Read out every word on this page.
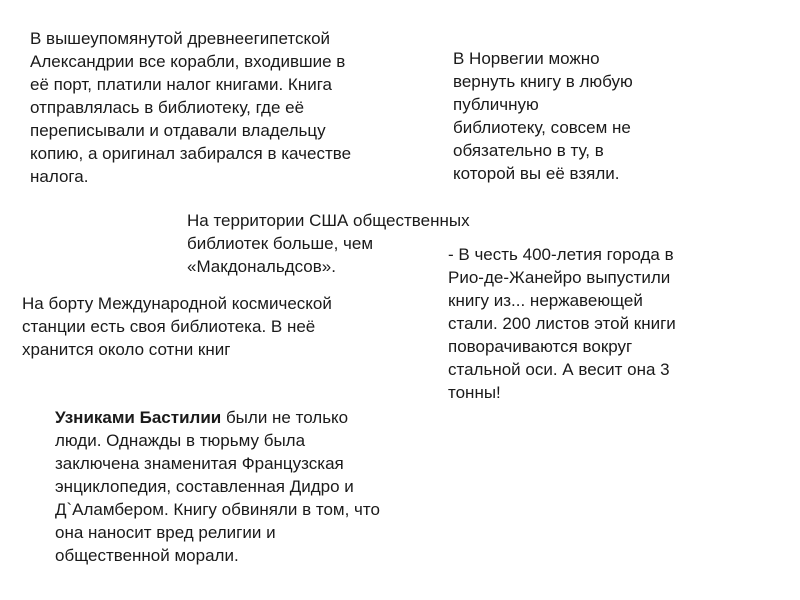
В вышеупомянутой древнеегипетской
Александрии все корабли, входившие в
её порт, платили налог книгами. Книга
отправлялась в библиотеку, где её
переписывали и отдавали владельцу
копию, а оригинал забирался в качестве
налога.
В Норвегии можно
вернуть книгу в любую
публичную
библиотеку, совсем не
обязательно в ту, в
которой вы её взяли.
На территории США общественных
библиотек больше, чем
«Макдональдсов».
- В честь 400-летия города в
Рио-де-Жанейро выпустили
книгу из... нержавеющей
стали. 200 листов этой книги
поворачиваются вокруг
стальной оси. А весит она 3
тонны!
На борту Международной космической
станции есть своя библиотека. В неё
хранится около сотни книг
Узниками Бастилии были не только
люди. Однажды в тюрьму была
заключена знаменитая Французская
энциклопедия, составленная Дидро и
Д`Аламбером. Книгу обвиняли в том, что
она наносит вред религии и
общественной морали.
